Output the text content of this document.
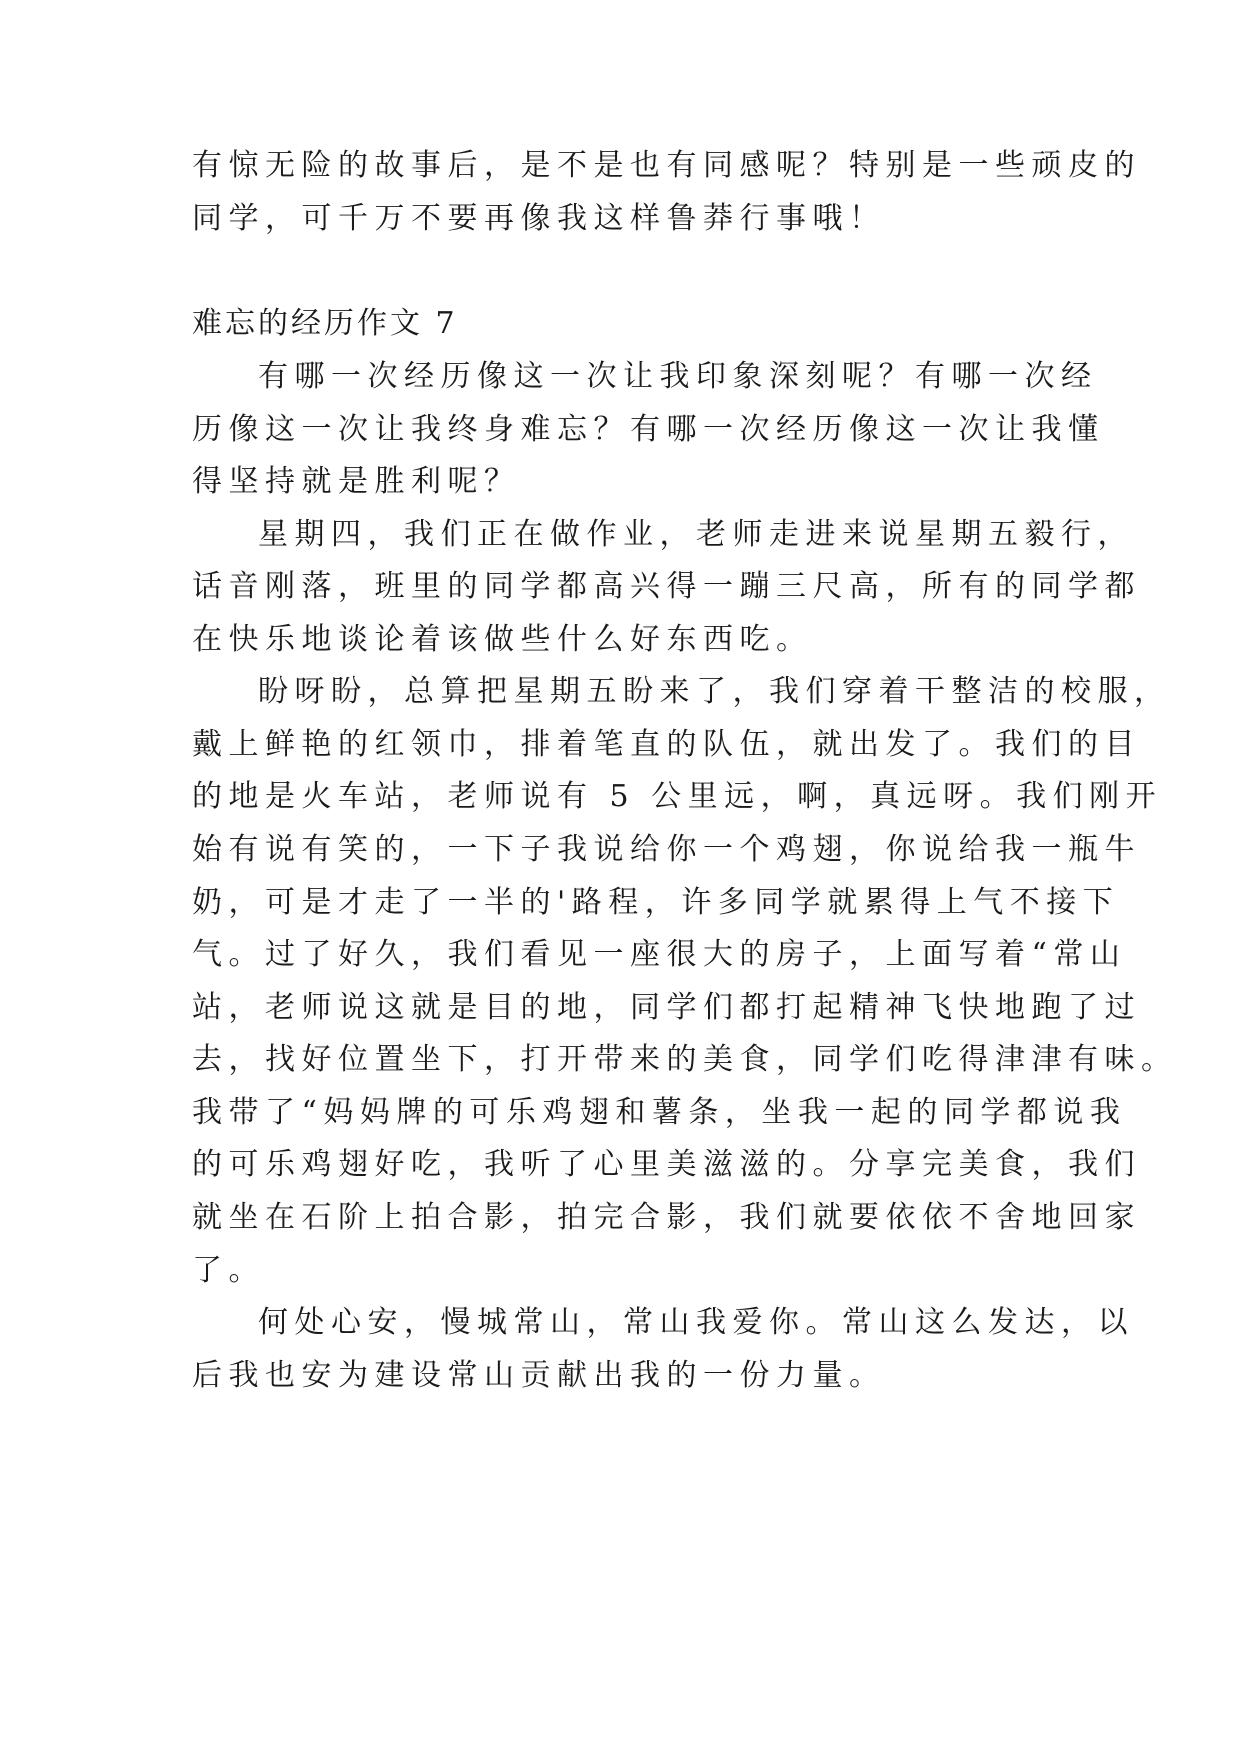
有惊无险的故事后，是不是也有同感呢？特别是一些顽皮的
同学，可千万不要再像我这样鲁莽行事哦！
难忘的经历作文 7
有哪一次经历像这一次让我印象深刻呢？有哪一次经
历像这一次让我终身难忘？有哪一次经历像这一次让我懂
得坚持就是胜利呢？
星期四，我们正在做作业，老师走进来说星期五毅行，
话音刚落，班里的同学都高兴得一蹦三尺高，所有的同学都
在快乐地谈论着该做些什么好东西吃。
盼呀盼，总算把星期五盼来了，我们穿着干整洁的校服，
戴上鲜艳的红领巾，排着笔直的队伍，就出发了。我们的目
的地是火车站，老师说有 5 公里远，啊，真远呀。我们刚开
始有说有笑的，一下子我说给你一个鸡翅，你说给我一瓶牛
奶，可是才走了一半的'路程，许多同学就累得上气不接下
气。过了好久，我们看见一座很大的房子，上面写着“常山
站，老师说这就是目的地，同学们都打起精神飞快地跑了过
去，找好位置坐下，打开带来的美食，同学们吃得津津有味。
我带了“妈妈牌的可乐鸡翅和薯条，坐我一起的同学都说我
的可乐鸡翅好吃，我听了心里美滋滋的。分享完美食，我们
就坐在石阶上拍合影，拍完合影，我们就要依依不舍地回家
了。
何处心安，慢城常山，常山我爱你。常山这么发达，以
后我也安为建设常山贡献出我的一份力量。
